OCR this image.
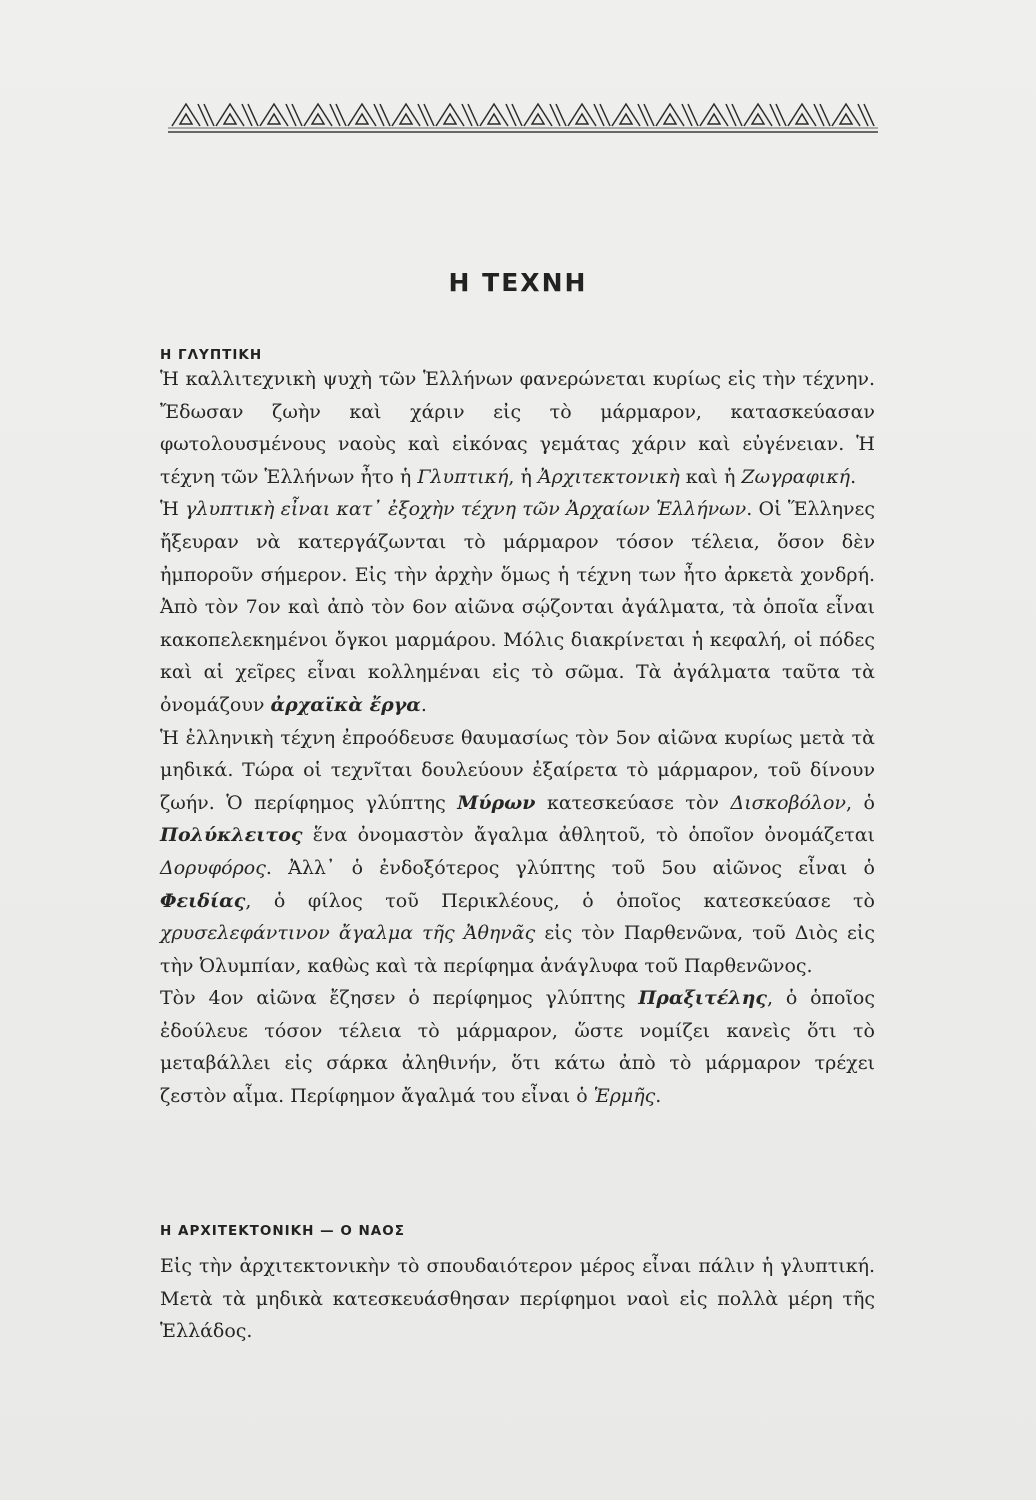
Η ΤΕΧΝΗ
Η ΓΛΥΠΤΙΚΗ

Ἡ καλλιτεχνικὴ ψυχὴ τῶν Ἑλλήνων φανερώνεται κυρίως εἰς τὴν τέχνην. Ἔδωσαν ζωὴν καὶ χάριν εἰς τὸ μάρμαρον, κατασκεύασαν φωτολουσμένους ναοὺς καὶ εἰκόνας γεμάτας χάριν καὶ εὐγένειαν. Ἡ τέχνη τῶν Ἑλλήνων ἦτο ἡ Γλυπτική, ἡ Ἀρχιτεκτονικὴ καὶ ἡ Ζωγραφική.

Ἡ γλυπτικὴ εἶναι κατ᾽ ἐξοχὴν τέχνη τῶν Ἀρχαίων Ἑλλήνων. Οἱ Ἕλληνες ἤξευραν νὰ κατεργάζωνται τὸ μάρμαρον τόσον τέλεια, ὅσον δὲν ἠμποροῦν σήμερον. Εἰς τὴν ἀρχὴν ὅμως ἡ τέχνη των ἦτο ἀρκετὰ χονδρή. Ἀπὸ τὸν 7ον καὶ ἀπὸ τὸν 6ον αἰῶνα σῴζονται ἀγάλματα, τὰ ὁποῖα εἶναι κακοπελεκημένοι ὄγκοι μαρμάρου. Μόλις διακρίνεται ἡ κεφαλή, οἱ πόδες καὶ αἱ χεῖρες εἶναι κολλημέναι εἰς τὸ σῶμα. Τὰ ἀγάλματα ταῦτα τὰ ὀνομάζουν ἀρχαϊκὰ ἔργα.

Ἡ ἑλληνικὴ τέχνη ἐπροόδευσε θαυμασίως τὸν 5ον αἰῶνα κυρίως μετὰ τὰ μηδικά. Τώρα οἱ τεχνῖται δουλεύουν ἐξαίρετα τὸ μάρμαρον, τοῦ δίνουν ζωήν. Ὁ περίφημος γλύπτης Μύρων κατεσκεύασε τὸν Δισκοβόλον, ὁ Πολύκλειτος ἕνα ὀνομαστὸν ἄγαλμα ἀθλητοῦ, τὸ ὁποῖον ὀνομάζεται Δορυφόρος. Ἀλλ᾽ ὁ ἐνδοξότερος γλύπτης τοῦ 5ου αἰῶνος εἶναι ὁ Φειδίας, ὁ φίλος τοῦ Περικλέους, ὁ ὁποῖος κατεσκεύασε τὸ χρυσελεφάντινον ἄγαλμα τῆς Ἀθηνᾶς εἰς τὸν Παρθενῶνα, τοῦ Διὸς εἰς τὴν Ὀλυμπίαν, καθὼς καὶ τὰ περίφημα ἀνάγλυφα τοῦ Παρθενῶνος.

Τὸν 4ον αἰῶνα ἔζησεν ὁ περίφημος γλύπτης Πραξιτέλης, ὁ ὁποῖος ἐδούλευε τόσον τέλεια τὸ μάρμαρον, ὥστε νομίζει κανεὶς ὅτι τὸ μεταβάλλει εἰς σάρκα ἀληθινήν, ὅτι κάτω ἀπὸ τὸ μάρμαρον τρέχει ζεστὸν αἷμα. Περίφημον ἄγαλμά του εἶναι ὁ Ἑρμῆς.

Η ΑΡΧΙΤΕΚΤΟΝΙΚΗ — Ο ΝΑΟΣ

Εἰς τὴν ἀρχιτεκτονικὴν τὸ σπουδαιότερον μέρος εἶναι πάλιν ἡ γλυπτική. Μετὰ τὰ μηδικὰ κατεσκευάσθησαν περίφημοι ναοὶ εἰς πολλὰ μέρη τῆς Ἑλλάδος.
